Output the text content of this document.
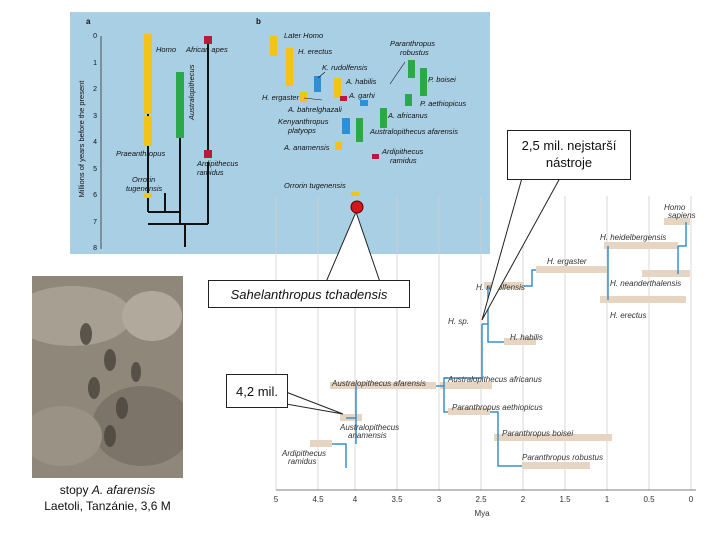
a
Millions of years before the present
0
1
2
3
4
5
6
7
8
Homo African apes
Australopithecus
Praeanthropus
Ardipithecus ramidus
Orrorin tugenensis
b
Later Homo
H. erectus
K. rudolfensis
A. habilis
H. ergaster	A. garhi
A. bahrelghazali
Kenyanthropus platyops
A. anamensis
Orrorin tugenensis
Paranthropus robustus
P. boisei
P. aethiopicus
A. africanus
Australopithecus afarensis
Ardipithecus ramidus
stopy A. afarensis
Laetoli, Tanzánie, 3,6 M	5	4.5	4	3.5	3	2.5	2	1.5	1	0.5	0
Mya
Homo sapiens
H. heidelbergensis
H. ergaster
H. neanderthalensis
H. rudolfensis
H. erectus
H. sp.
H. habilis
Australopithecus afarensis	Australopithecus africanus
Paranthropus aethiopicus
Australopithecus anamensis	Paranthropus boisei
Ardipithecus ramidus	Paranthropus robustus
2,5 mil. nejstarší nástroje
Sahelanthropus tchadensis
4,2 mil.
